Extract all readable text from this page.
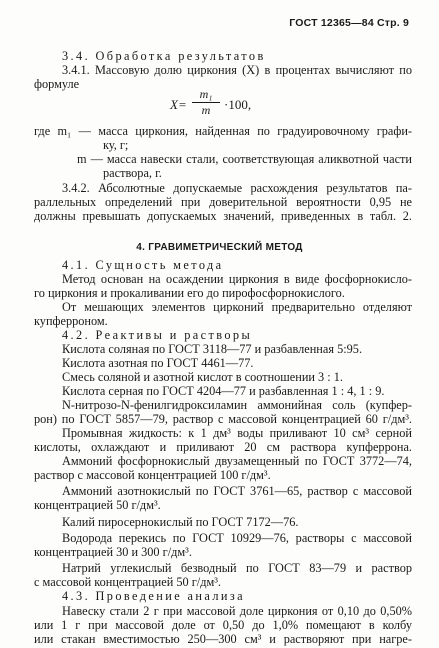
ГОСТ 12365—84 Стр. 9
3.4. Обработка результатов
3.4.1. Массовую долю циркония (X) в процентах вычисляют по
формуле
X=
m₁
m	·100,
где m₁ — масса циркония, найденная по градуировочному графи-
ку, г;
m — масса навески стали, соответствующая аликвотной части
раствора, г.
3.4.2. Абсолютные допускаемые расхождения результатов па-
раллельных определений при доверительной вероятности 0,95 не
должны превышать допускаемых значений, приведенных в табл. 2.
4. ГРАВИМЕТРИЧЕСКИЙ МЕТОД
4.1. Сущность метода
Метод основан на осаждении циркония в виде фосфорнокисло-
го циркония и прокаливании его до пирофосфорнокислого.
От мешающих элементов цирконий предварительно отделяют
купферроном.
4.2. Реактивы и растворы
Кислота соляная по ГОСТ 3118—77 и разбавленная 5:95.
Кислота азотная по ГОСТ 4461—77.
Смесь соляной и азотной кислот в соотношении 3 : 1.
Кислота серная по ГОСТ 4204—77 и разбавленная 1 : 4, 1 : 9.
N-нитрозо-N-фенилгидроксиламин аммонийная соль (купфер-
рон) по ГОСТ 5857—79, раствор с массовой концентрацией 60 г/дм³.
Промывная жидкость: к 1 дм³ воды приливают 10 см³ серной
кислоты, охлаждают и приливают 20 см раствора купферрона.
Аммоний фосфорнокислый двузамещенный по ГОСТ 3772—74,
раствор с массовой концентрацией 100 г/дм³.
Аммоний азотнокислый по ГОСТ 3761—65, раствор с массовой
концентрацией 50 г/дм³.
Калий пиросернокислый по ГОСТ 7172—76.
Водорода перекись по ГОСТ 10929—76, растворы с массовой
концентрацией 30 и 300 г/дм³.
Натрий углекислый безводный по ГОСТ 83—79 и раствор
с массовой концентрацией 50 г/дм³.
4.3. Проведение анализа
Навеску стали 2 г при массовой доле циркония от 0,10 до 0,50%
или 1 г при массовой доле от 0,50 до 1,0% помещают в колбу
или стакан вместимостью 250—300 см³ и растворяют при нагре-
